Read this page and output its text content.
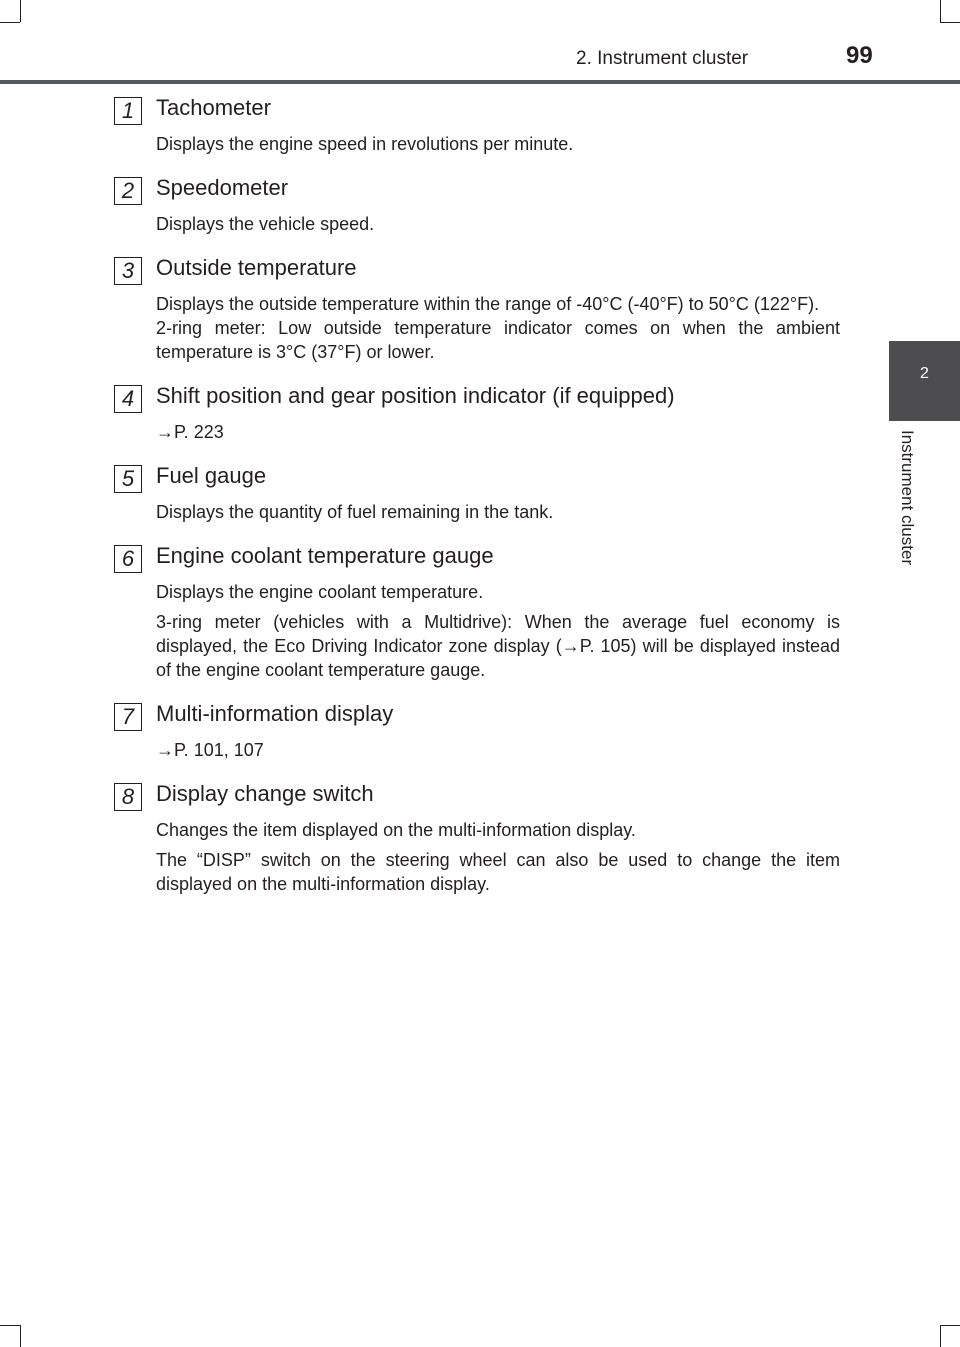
2. Instrument cluster	99
2
Instrument cluster
1 Tachometer

Displays the engine speed in revolutions per minute.

2 Speedometer

Displays the vehicle speed.

3 Outside temperature

Displays the outside temperature within the range of -40°C (-40°F) to 50°C (122°F).

2-ring meter: Low outside temperature indicator comes on when the ambient temperature is 3°C (37°F) or lower.

4 Shift position and gear position indicator (if equipped)

→P. 223

5 Fuel gauge

Displays the quantity of fuel remaining in the tank.

6 Engine coolant temperature gauge

Displays the engine coolant temperature.

3-ring meter (vehicles with a Multidrive): When the average fuel economy is displayed, the Eco Driving Indicator zone display (→P. 105) will be displayed instead of the engine coolant temperature gauge.

7 Multi-information display

→P. 101, 107

8 Display change switch

Changes the item displayed on the multi-information display.

The “DISP” switch on the steering wheel can also be used to change the item displayed on the multi-information display.
